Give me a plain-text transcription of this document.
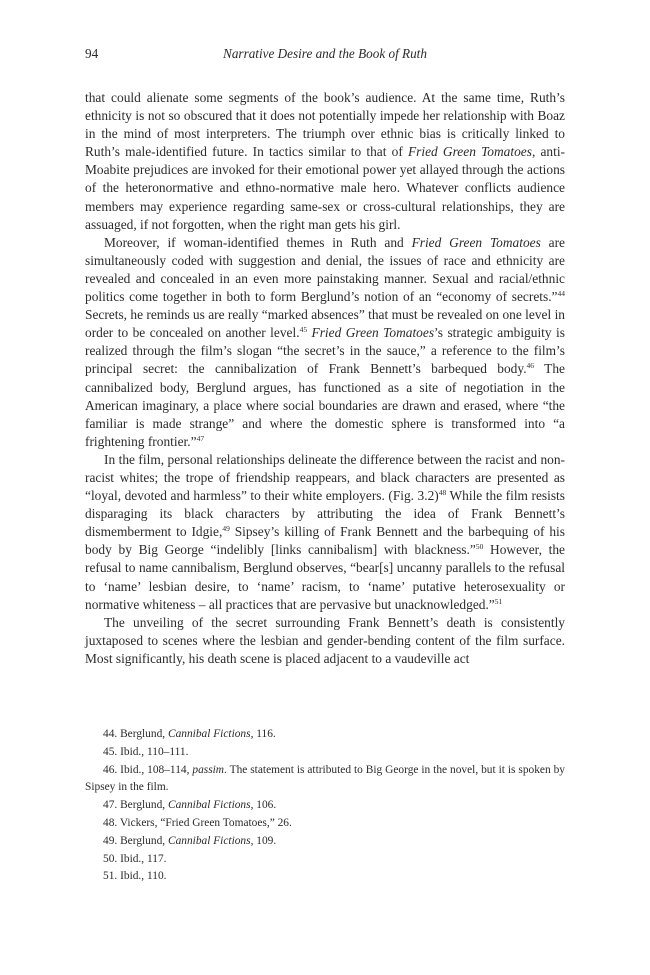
94	Narrative Desire and the Book of Ruth

that could alienate some segments of the book’s audience. At the same time, Ruth’s ethnicity is not so obscured that it does not potentially impede her relationship with Boaz in the mind of most interpreters. The triumph over ethnic bias is critically linked to Ruth’s male-identified future. In tactics similar to that of Fried Green Tomatoes, anti-Moabite prejudices are invoked for their emotional power yet allayed through the actions of the heteronormative and ethno-normative male hero. Whatever conflicts audience members may experience regarding same-sex or cross-cultural relationships, they are assuaged, if not forgotten, when the right man gets his girl.

Moreover, if woman-identified themes in Ruth and Fried Green Tomatoes are simultaneously coded with suggestion and denial, the issues of race and ethnicity are revealed and concealed in an even more painstaking manner. Sexual and racial/ethnic politics come together in both to form Berglund’s notion of an “economy of secrets.”$^{44}$ Secrets, he reminds us are really “marked absences” that must be revealed on one level in order to be concealed on another level.$^{45}$ Fried Green Tomatoes’s strategic ambiguity is realized through the film’s slogan “the secret’s in the sauce,” a reference to the film’s principal secret: the cannibalization of Frank Bennett’s barbequed body.$^{46}$ The cannibalized body, Berglund argues, has functioned as a site of negotiation in the American imaginary, a place where social boundaries are drawn and erased, where “the familiar is made strange” and where the domestic sphere is transformed into “a frightening frontier.”$^{47}$

In the film, personal relationships delineate the difference between the racist and non-racist whites; the trope of friendship reappears, and black characters are presented as “loyal, devoted and harmless” to their white employers. (Fig. 3.2)$^{48}$ While the film resists disparaging its black characters by attributing the idea of Frank Bennett’s dismemberment to Idgie,$^{49}$ Sipsey’s killing of Frank Bennett and the barbequing of his body by Big George “indelibly [links cannibalism] with blackness.”$^{50}$ However, the refusal to name cannibalism, Berglund observes, “bear[s] uncanny parallels to the refusal to ‘name’ lesbian desire, to ‘name’ racism, to ‘name’ putative heterosexuality or normative whiteness – all practices that are pervasive but unacknowledged.”$^{51}$

The unveiling of the secret surrounding Frank Bennett’s death is consistently juxtaposed to scenes where the lesbian and gender-bending content of the film surface. Most significantly, his death scene is placed adjacent to a vaudeville act

44. Berglund, Cannibal Fictions, 116.

45. Ibid., 110–111.

46. Ibid., 108–114, passim. The statement is attributed to Big George in the novel, but it is spoken by Sipsey in the film.

47. Berglund, Cannibal Fictions, 106.

48. Vickers, “Fried Green Tomatoes,” 26.

49. Berglund, Cannibal Fictions, 109.

50. Ibid., 117.

51. Ibid., 110.
